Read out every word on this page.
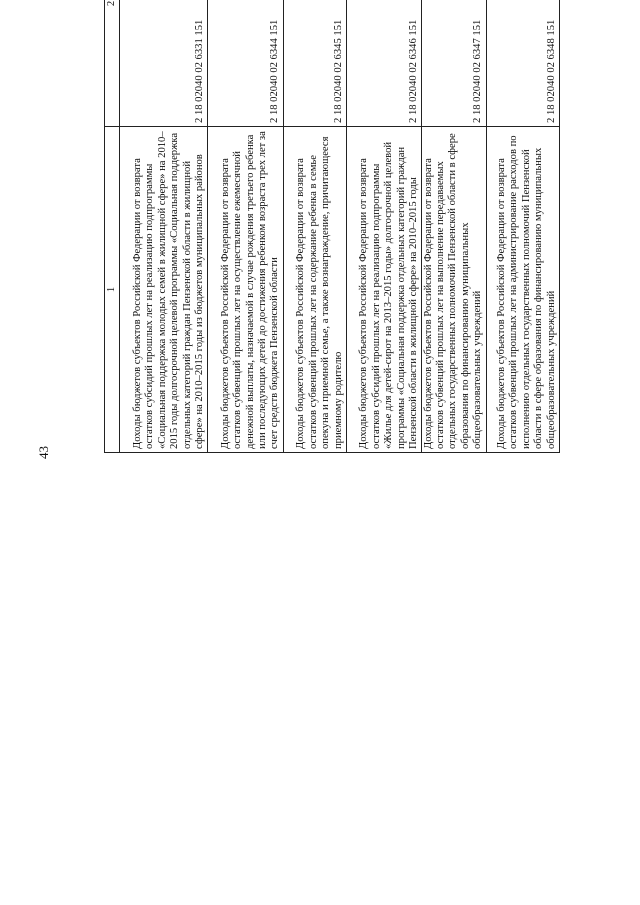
43
1	2		
Доходы бюджетов субъектов Российской Федерации от возврата остатков субсидий прошлых лет на реализацию подпрограммы «Социальная поддержка молодых семей в жилищной сфере» на 2010–2015 годы долгосрочной целевой программы «Социальная поддержка отдельных категорий граждан Пензенской области в жилищной сфере» на 2010–2015 годы из бюджетов муниципальных районов	2 18 02040 02 6331 151		
Доходы бюджетов субъектов Российской Федерации от возврата остатков субвенций прошлых лет на осуществление ежемесячной денежной выплаты, назначаемой в случае рождения третьего ребенка или последующих детей до достижения ребенком возраста трех лет за счет средств бюджета Пензенской области	2 18 02040 02 6344 151		
Доходы бюджетов субъектов Российской Федерации от возврата остатков субвенций прошлых лет на содержание ребенка в семье опекуна и приемной семье, а также вознаграждение, причитающееся приемному родителю	2 18 02040 02 6345 151		
Доходы бюджетов субъектов Российской Федерации от возврата остатков субсидий прошлых лет на реализацию подпрограммы «Жилье для детей-сирот на 2013–2015 годы» долгосрочной целевой программы «Социальная поддержка отдельных категорий граждан Пензенской области в жилищной сфере» на 2010–2015 годы	2 18 02040 02 6346 151		
Доходы бюджетов субъектов Российской Федерации от возврата остатков субвенций прошлых лет на выполнение передаваемых отдельных государственных полномочий Пензенской области в сфере образования по финансированию муниципальных общеобразовательных учреждений	2 18 02040 02 6347 151		
Доходы бюджетов субъектов Российской Федерации от возврата остатков субвенций прошлых лет на администрирование расходов по исполнению отдельных государственных полномочий Пензенской области в сфере образования по финансированию муниципальных общеобразовательных учреждений	2 18 02040 02 6348 151		
